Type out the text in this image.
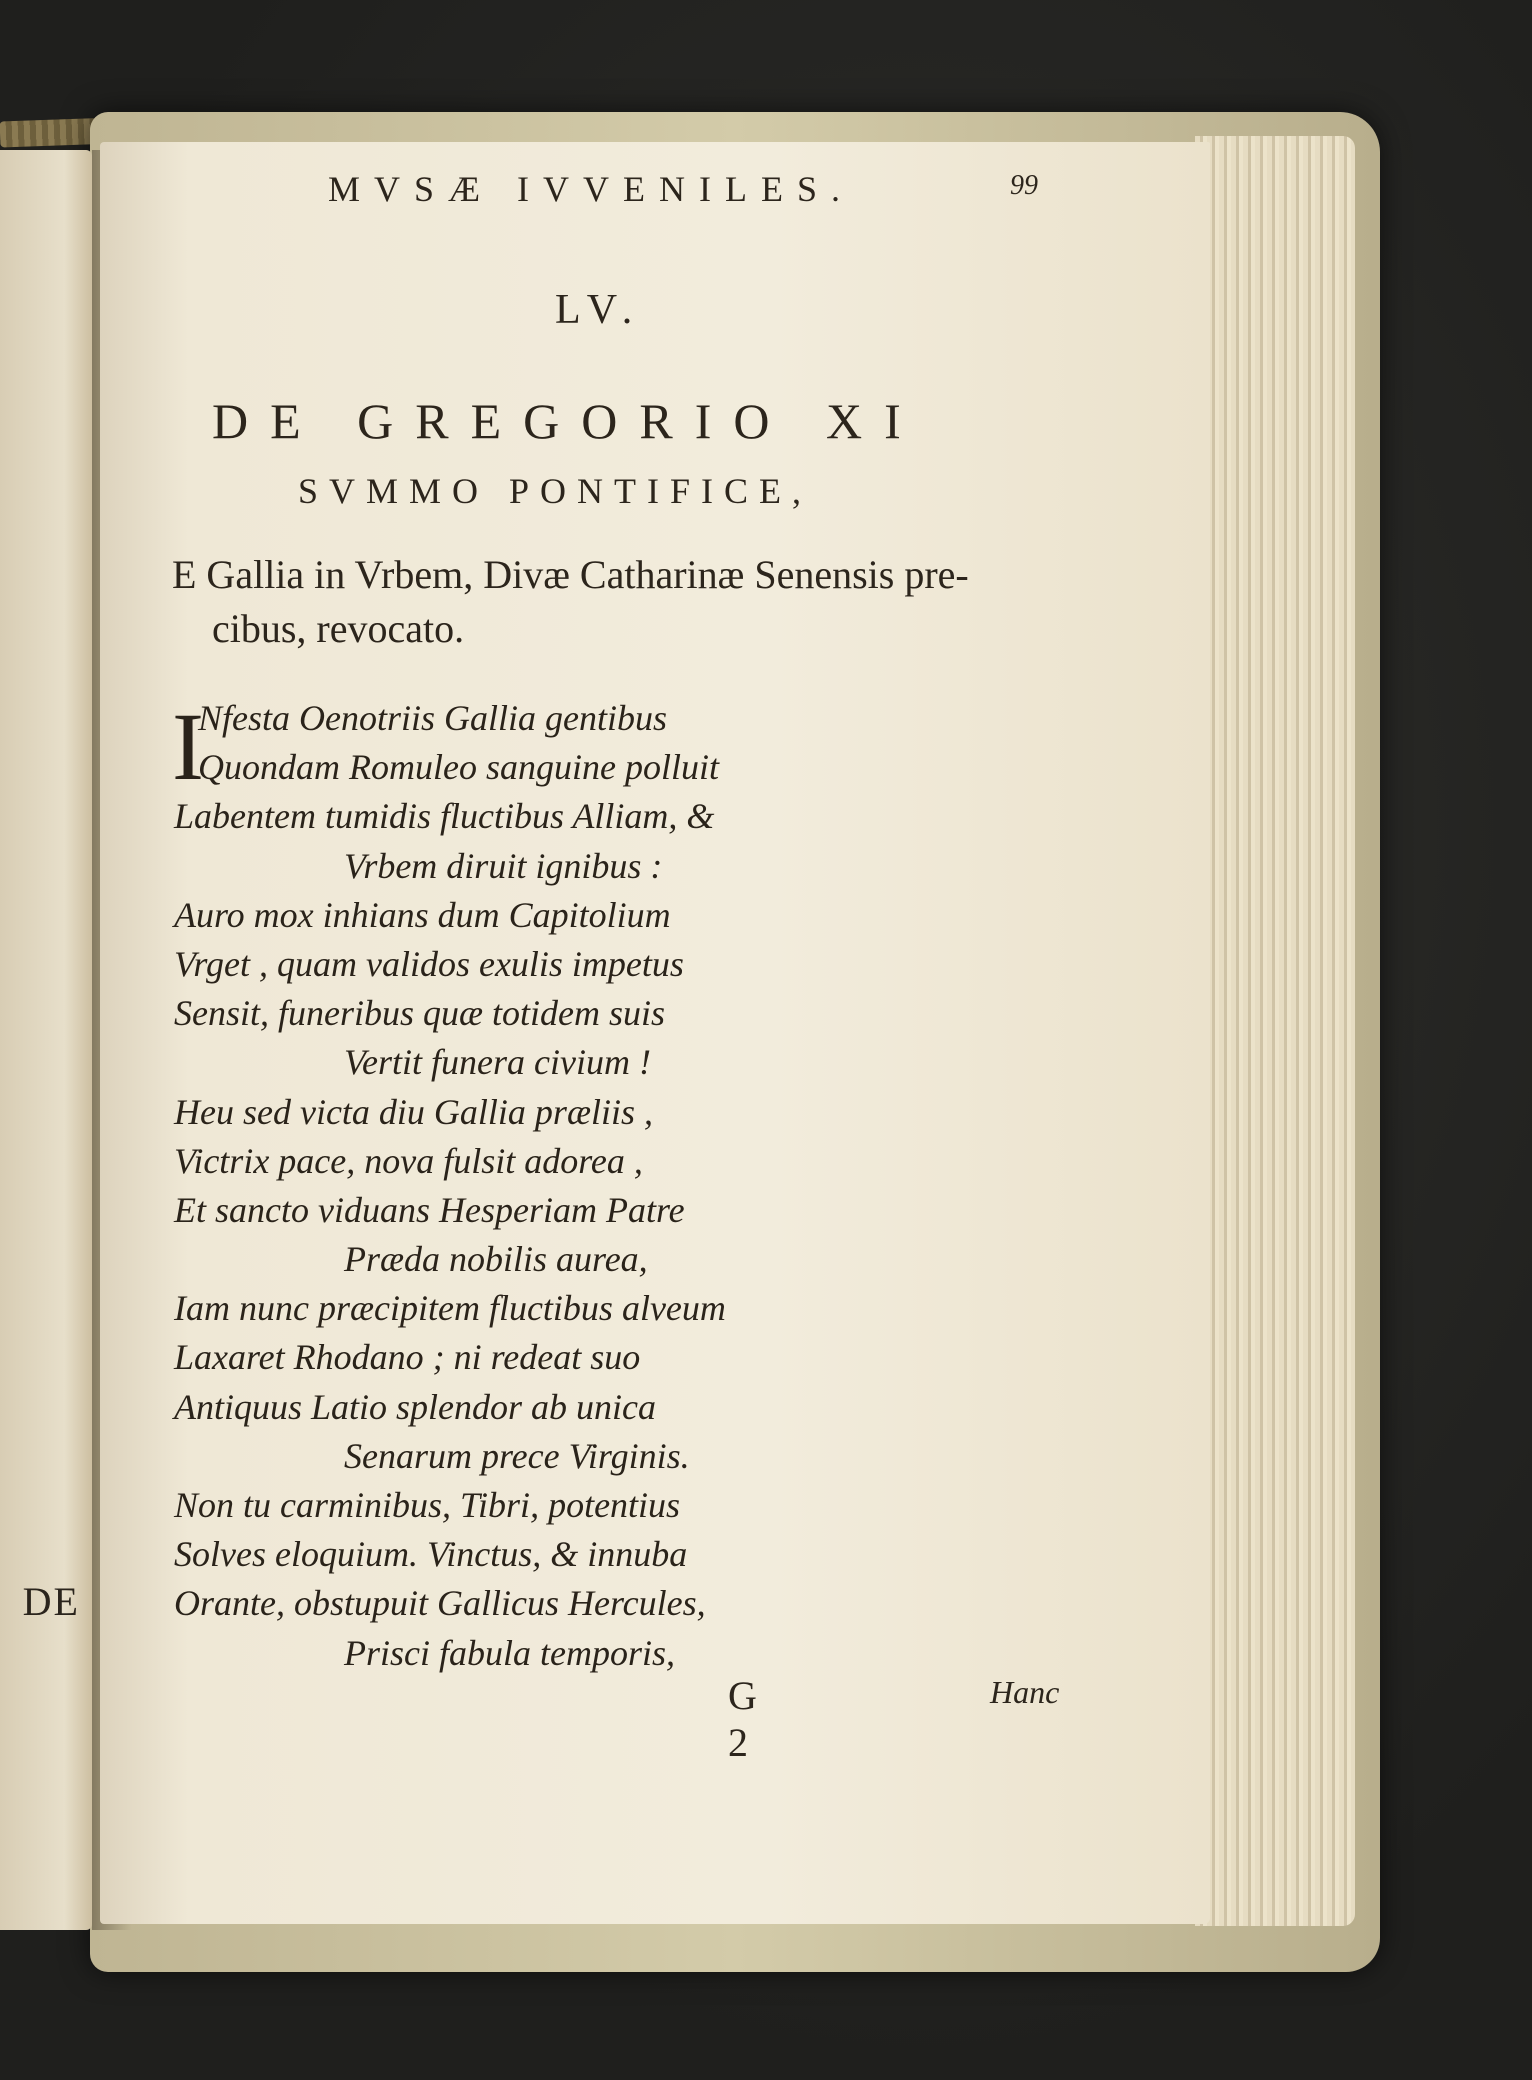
DE
MVSÆ IVVENILES.	99
LV.
DE GREGORIO XI
SVMMO PONTIFICE,
E Gallia in Vrbem, Divæ Catharinæ Senensis pre-
cibus, revocato.
I
Nfesta Oenotriis Gallia gentibus
Quondam Romuleo sanguine polluit
Labentem tumidis fluctibus Alliam, &
Vrbem diruit ignibus :
Auro mox inhians dum Capitolium
Vrget , quam validos exulis impetus
Sensit, funeribus quæ totidem suis
Vertit funera civium !
Heu sed victa diu Gallia præliis ,
Victrix pace, nova fulsit adorea ,
Et sancto viduans Hesperiam Patre
Præda nobilis aurea,
Iam nunc præcipitem fluctibus alveum
Laxaret Rhodano ; ni redeat suo
Antiquus Latio splendor ab unica
Senarum prece Virginis.
Non tu carminibus, Tibri, potentius
Solves eloquium. Vinctus, & innuba
Orante, obstupuit Gallicus Hercules,
Prisci fabula temporis,
G 2
Hanc
